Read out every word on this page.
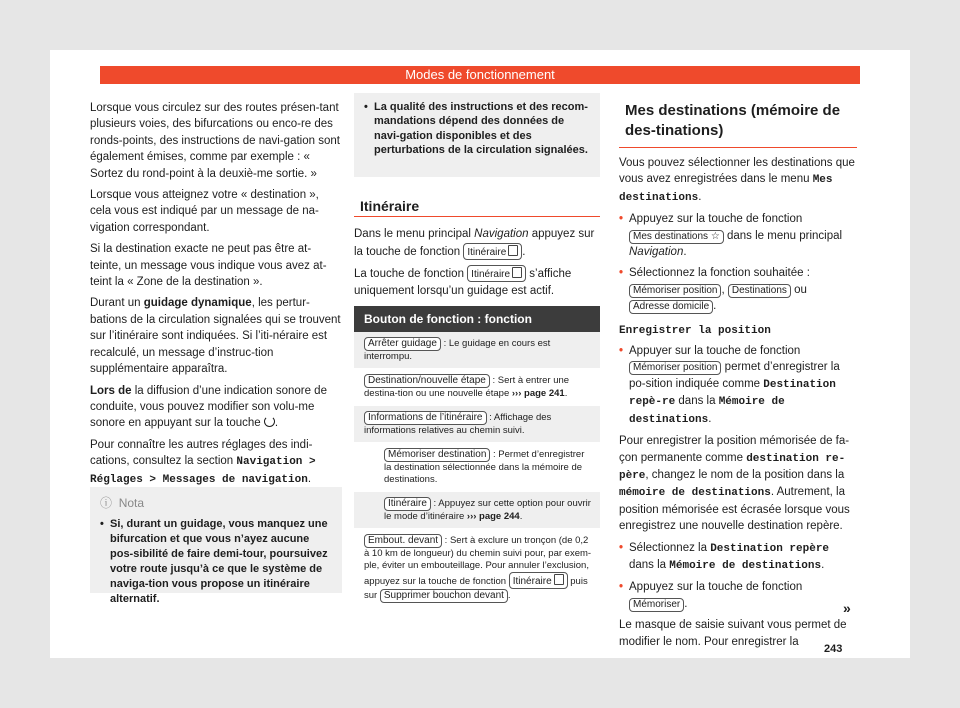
Modes de fonctionnement

Lorsque vous circulez sur des routes présen-tant plusieurs voies, des bifurcations ou enco-re des ronds-points, des instructions de navi-gation sont également émises, comme par exemple : « Sortez du rond-point à la deuxiè-me sortie. »

Lorsque vous atteignez votre « destination », cela vous est indiqué par un message de na-vigation correspondant.

Si la destination exacte ne peut pas être at-teinte, un message vous indique vous avez at-teint la « Zone de la destination ».

Durant un guidage dynamique, les pertur-bations de la circulation signalées qui se trouvent sur l’itinéraire sont indiquées. Si l’iti-néraire est recalculé, un message d’instruc-tion supplémentaire apparaîtra.

Lors de la diffusion d’une indication sonore de conduite, vous pouvez modifier son volu-me sonore en appuyant sur la touche .

Pour connaître les autres réglages des indi-cations, consultez la section Navigation > Réglages > Messages de navigation.

ⓘ Nota
• Si, durant un guidage, vous manquez une bifurcation et que vous n’ayez aucune pos-sibilité de faire demi-tour, poursuivez votre route jusqu’à ce que le système de naviga-tion vous propose un itinéraire alternatif.
• La qualité des instructions et des recom-mandations dépend des données de navi-gation disponibles et des perturbations de la circulation signalées.

Itinéraire

Dans le menu principal Navigation appuyez sur la touche de fonction Itinéraire .

La touche de fonction Itinéraire s’affiche uniquement lorsqu’un guidage est actif.

Bouton de fonction : fonction
Arrêter guidage : Le guidage en cours est interrompu.
Destination/nouvelle étape : Sert à entrer une destina-tion ou une nouvelle étape ››› page 241.
Informations de l’itinéraire : Affichage des informations relatives au chemin suivi.
Mémoriser destination : Permet d’enregistrer la destination sélectionnée dans la mémoire de destinations.
Itinéraire : Appuyez sur cette option pour ouvrir le mode d’itinéraire ››› page 244.
Embout. devant : Sert à exclure un tronçon (de 0,2 à 10 km de longueur) du chemin suivi pour, par exem-ple, éviter un embouteillage. Pour annuler l’exclusion, appuyez sur la touche de fonction Itinéraire puis sur Supprimer bouchon devant .

Mes destinations (mémoire de des-tinations)

Vous pouvez sélectionner les destinations que vous avez enregistrées dans le menu Mes destinations.

• Appuyez sur la touche de fonction Mes destinations ☆ dans le menu principal Navigation.

• Sélectionnez la fonction souhaitée : Mémoriser position , Destinations ou Adresse domicile .

Enregistrer la position

• Appuyer sur la touche de fonction Mémoriser position permet d’enregistrer la po-sition indiquée comme Destination repè-re dans la Mémoire de destinations.

Pour enregistrer la position mémorisée de fa-çon permanente comme destination re-père, changez le nom de la position dans la mémoire de destinations. Autrement, la position mémorisée est écrasée lorsque vous enregistrez une nouvelle destination repère.

• Sélectionnez la Destination repère dans la Mémoire de destinations.

• Appuyez sur la touche de fonction Mémoriser .

Le masque de saisie suivant vous permet de modifier le nom. Pour enregistrer la

»
243
